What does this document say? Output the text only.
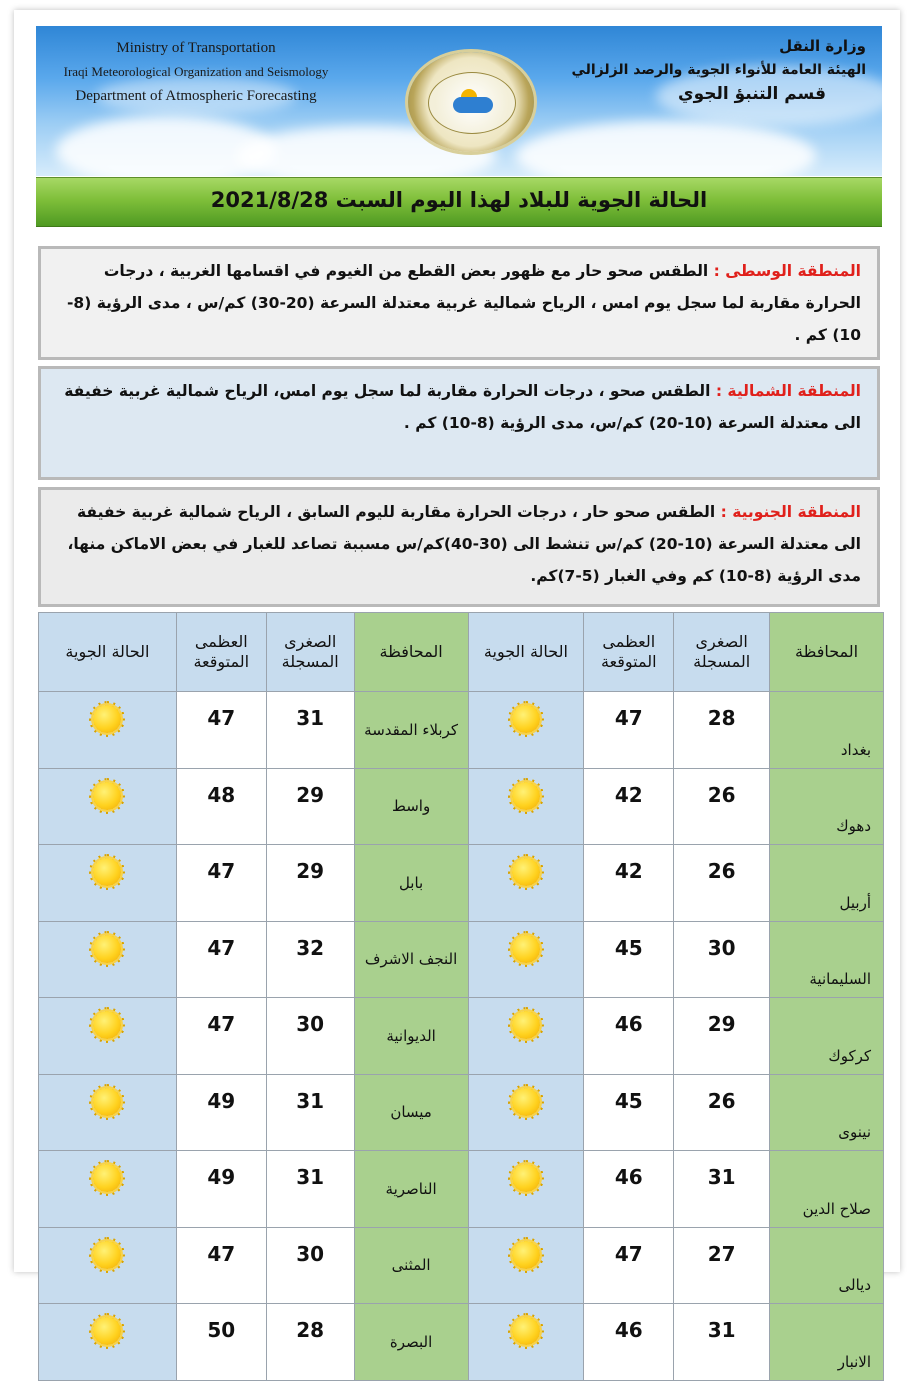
Ministry of Transportation
Iraqi Meteorological Organization and Seismology
Department of Atmospheric Forecasting
وزارة النقل
الهيئة العامة للأنواء الجوية والرصد الزلزالي
قسم التنبؤ الجوي
الحالة الجوية للبلاد لهذا اليوم السبت 2021/8/28
المنطقة الوسطى : الطقس صحو حار مع ظهور بعض القطع من الغيوم في اقسامها الغربية ، درجات الحرارة مقاربة لما سجل يوم امس ، الرياح شمالية غربية معتدلة السرعة (20-30) كم/س ، مدى الرؤية (8-10) كم .
المنطقة الشمالية : الطقس صحو ، درجات الحرارة مقاربة لما سجل يوم امس، الرياح شمالية غربية خفيفة الى معتدلة السرعة (10-20) كم/س، مدى الرؤية (8-10) كم .
المنطقة الجنوبية : الطقس صحو حار ، درجات الحرارة مقاربة لليوم السابق ، الرياح شمالية غربية خفيفة الى معتدلة السرعة (10-20) كم/س تنشط الى (30-40)كم/س مسببة تصاعد للغبار في بعض الاماكن منها، مدى الرؤية (8-10) كم وفي الغبار (5-7)كم.
المحافظة	الصغرى المسجلة	العظمى المتوقعة	الحالة الجوية	المحافظة	الصغرى المسجلة	العظمى المتوقعة	الحالة الجوية
بغداد	28	47		كربلاء المقدسة	31	47	

دهوك	26	42		واسط	29	48	

أربيل	26	42		بابل	29	47	

السليمانية	30	45		النجف الاشرف	32	47	

كركوك	29	46		الديوانية	30	47	

نينوى	26	45		ميسان	31	49	

صلاح الدين	31	46		الناصرية	31	49	

ديالى	27	47		المثنى	30	47	

الانبار	31	46		البصرة	28	50	
